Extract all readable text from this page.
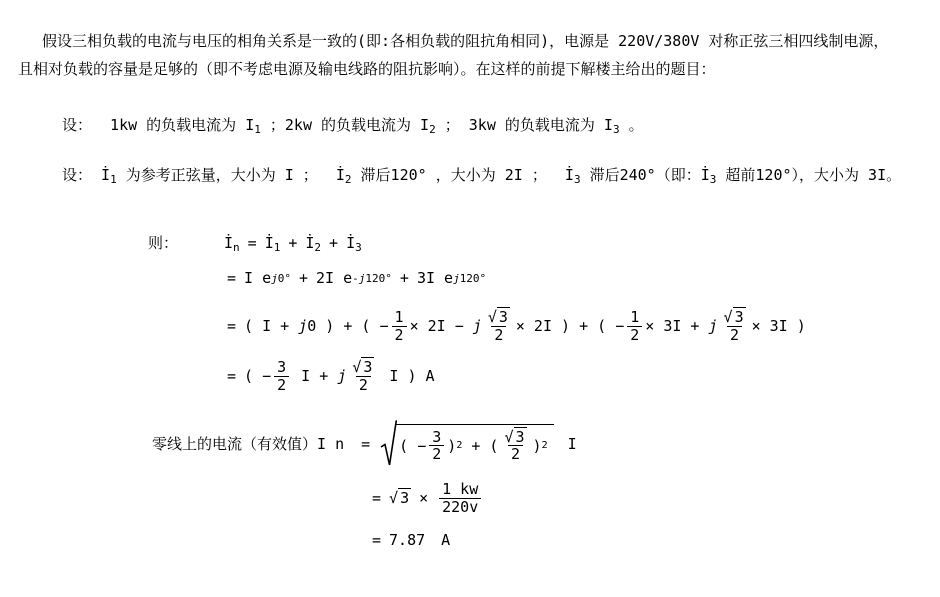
假设三相负载的电流与电压的相角关系是一致的(即:各相负载的阻抗角相同)，电源是 220V/380V 对称正弦三相四线制电源，

且相对负载的容量是足够的（即不考虑电源及输电线路的阻抗影响）。在这样的前提下解楼主给出的题目：

设：  1kw 的负载电流为 $I_1$ ；2kw 的负载电流为 $I_2$ ； 3kw 的负载电流为 $I_3$ 。
设： $İ_1$ 为参考正弦量，大小为 I ；  $İ_2$ 滞后120° ，大小为 2I ；  $İ_3$ 滞后240°（即：$İ_3$ 超前120°），大小为 3I。
则：	$İ_n$ = $İ_1$ + $İ_2$ + $İ_3$
= I e j0° + 2I e -j120° + 3I e j120°
= ( I + j 0 ) + ( − $\frac{1}{2} \times 2I - j \frac{√ 3}{2} \times 2I$ ) + ( − $\frac{1}{2} \times 3I + j \frac{√ 3}{2} \times 3I$ )
= ( − $\frac{3}{2}$ I + j $\frac{√ 3}{2}$ I ) A
零线上的电流（有效值）I n = ( − $\frac{3}{2}$ ) 2 + ( $\frac{√ 3}{2}$ ) 2 I
= √ $3 \times \frac{1 kw}{220v}$
= 7.87 A
